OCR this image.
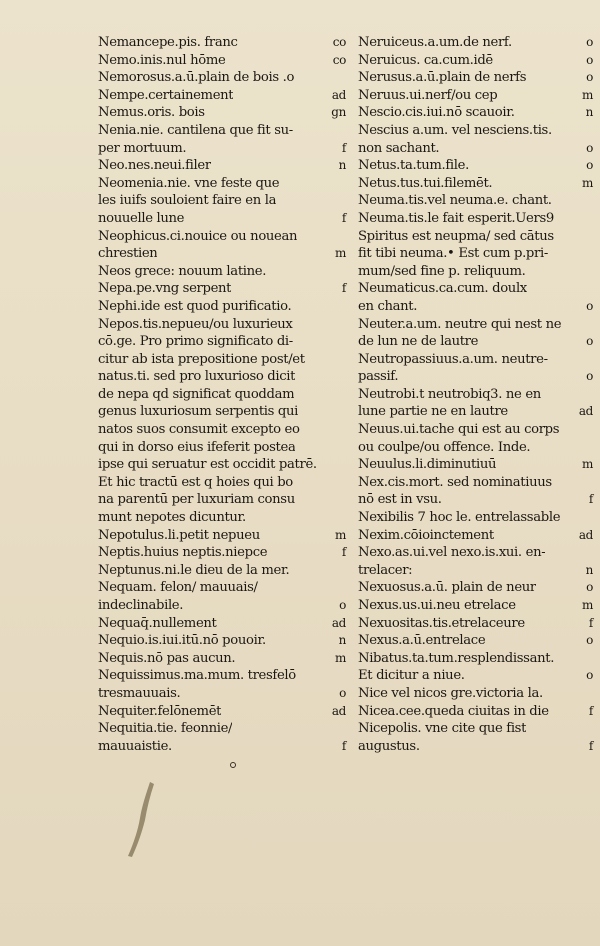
Nemancepe.pis. franc	co
Nemo.inis.nul hōme	co
Nemorosus.a.ū.plain de bois .o
Nempe.certainement	ad
Nemus.oris. bois	gn
Nenia.nie. cantilena que fit su-
per mortuum.	f
Neo.nes.neui.filer	n
Neomenia.nie. vne feste que
les iuifs souloient faire en la
nouuelle lune	f
Neophicus.ci.nouice ou nouean
chrestien	m
Neos grece: nouum latine.
Nepa.pe.vng serpent	f
Nephi.ide est quod purificatio.
Nepos.tis.nepueu/ou luxurieux
cō.ge. Pro primo significato di-
citur ab ista prepositione post/et
natus.ti. sed pro luxurioso dicit
de nepa qd significat quoddam
genus luxuriosum serpentis qui
natos suos consumit excepto eo
qui in dorso eius ifeferit postea
ipse qui seruatur est occidit patrē.
Et hic tractū est q hoies qui bo
na parentū per luxuriam consu
munt nepotes dicuntur.
Nepotulus.li.petit nepueu	m
Neptis.huius neptis.niepce	f
Neptunus.ni.le dieu de la mer.
Nequam. felon/ mauuais/
indeclinabile.	o
Nequaq̄.nullement	ad
Nequio.is.iui.itū.nō pouoir.	n
Nequis.nō pas aucun.	m
Nequissimus.ma.mum. tresfelō
tresmauuais.	o
Nequiter.felōnemēt	ad
Nequitia.tie. feonnie/
mauuaistie.	f
Neruiceus.a.um.de nerf.	o
Neruicus. ca.cum.idē	o
Nerusus.a.ū.plain de nerfs	o
Neruus.ui.nerf/ou cep	m
Nescio.cis.iui.nō scauoir.	n
Nescius a.um. vel nesciens.tis.
non sachant.	o
Netus.ta.tum.file.	o
Netus.tus.tui.filemēt.	m
Neuma.tis.vel neuma.e. chant.
Neuma.tis.le fait esperit.Uers9
Spiritus est neupma/ sed cātus
fit tibi neuma.• Est cum p.pri-
mum/sed fine p. reliquum.
Neumaticus.ca.cum. doulx
en chant.	o
Neuter.a.um. neutre qui nest ne
de lun ne de lautre	o
Neutropassiuus.a.um. neutre-
passif.	o
Neutrobi.t neutrobiq3. ne en
lune partie ne en lautre	ad
Neuus.ui.tache qui est au corps
ou coulpe/ou offence. Inde.
Neuulus.li.diminutiuū	m
Nex.cis.mort. sed nominatiuus
nō est in vsu.	f
Nexibilis 7 hoc le. entrelassable
Nexim.cōioinctement	ad
Nexo.as.ui.vel nexo.is.xui. en-
trelacer:	n
Nexuosus.a.ū. plain de neur	o
Nexus.us.ui.neu etrelace	m
Nexuositas.tis.etrelaceure	f
Nexus.a.ū.entrelace	o
Nibatus.ta.tum.resplendissant.
Et dicitur a niue.	o
Nice vel nicos gre.victoria la.
Nicea.cee.queda ciuitas in die	f
Nicepolis. vne cite que fist
augustus.	f
